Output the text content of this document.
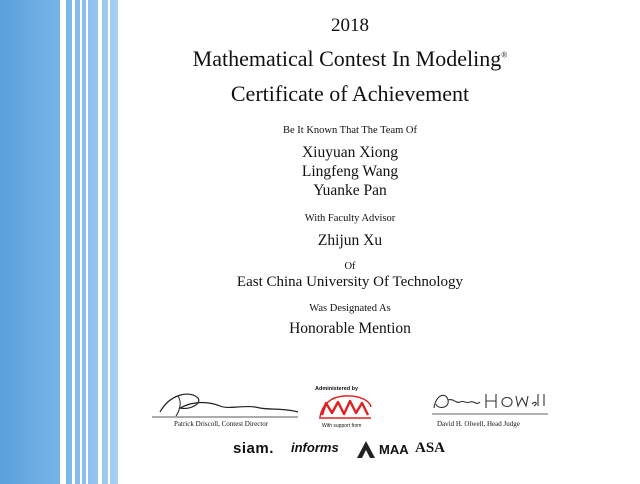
2018
Mathematical Contest In Modeling®
Certificate of Achievement
Be It Known That The Team Of
Xiuyuan Xiong
Lingfeng Wang
Yuanke Pan
With Faculty Advisor
Zhijun Xu
Of
East China University Of Technology
Was Designated As
Honorable Mention
Patrick Driscoll, Contest Director
Administered by
With support from	David H. Olwell, Head Judge
siam. informs	MAA ASA
